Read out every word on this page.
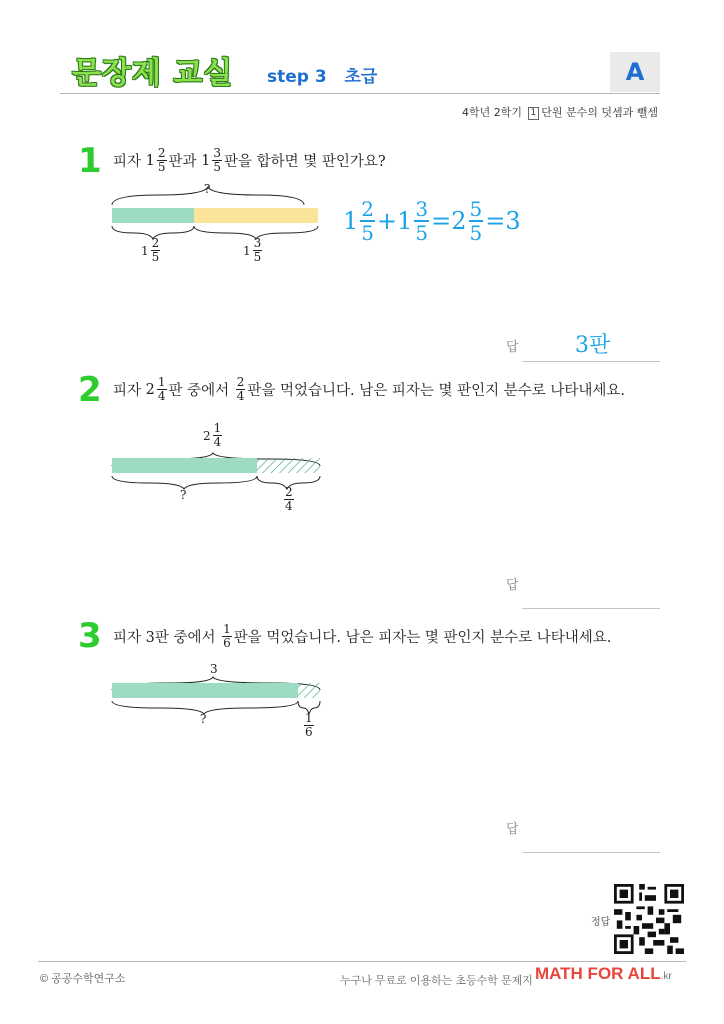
문장제 교실 step 3 초급	A
4학년 2학기 1 단원 분수의 덧셈과 뺄셈
1 피자
$1 \frac{2}{5}$ 판과
$1 \frac{3}{5}$ 판을 합하면 몇 판인가요?
?
$1 \frac{2}{5}$	$1 \frac{3}{5}$
$1 \frac{2}{5} + 1 \frac{3}{5} = 2 \frac{5}{5} = 3$
답	3판
2 피자
$2 \frac{1}{4}$ 판 중에서
$\frac{2}{4}$ 판을 먹었습니다. 남은 피자는 몇 판인지 분수로 나타내세요.
$2 \frac{1}{4}$
?	$\frac{2}{4}$
답
3 피자 3판 중에서
$\frac{1}{6}$ 판을 먹었습니다. 남은 피자는 몇 판인지 분수로 나타내세요.
3
?	$\frac{1}{6}$
답
정답
© 공공수학연구소	누구나 무료로 이용하는 초등수학 문제지 MATH FOR ALL.kr
